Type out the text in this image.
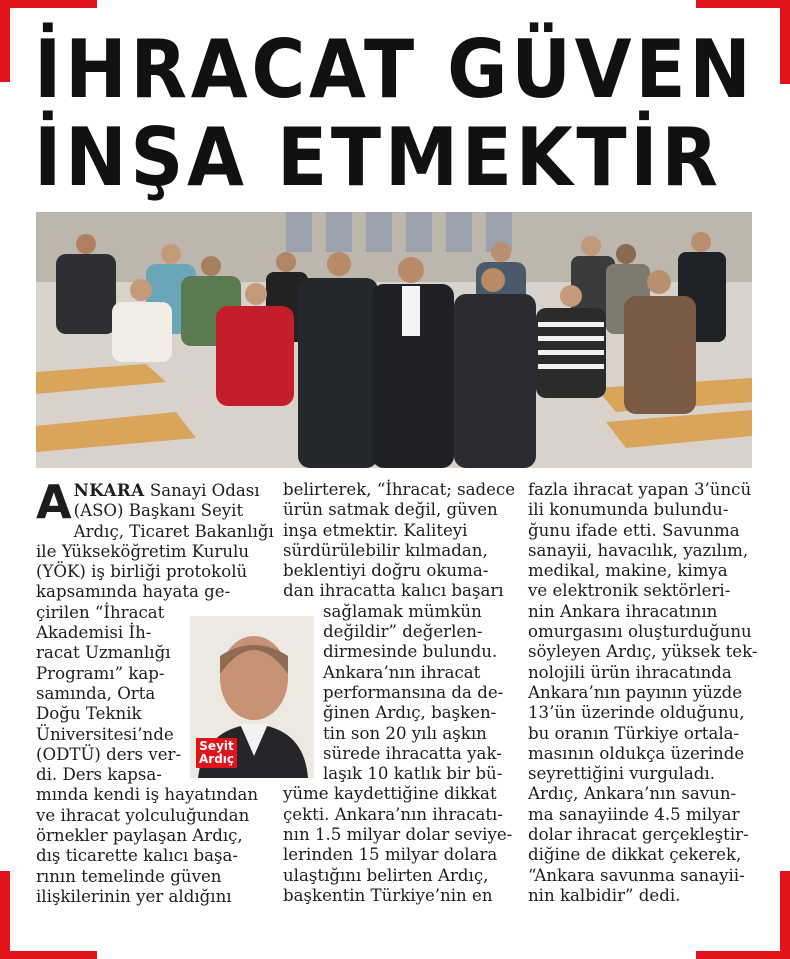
İHRACAT GÜVEN
İNŞA ETMEKTİR
A NKARA Sanayi Odası
(ASO) Başkanı Seyit
Ardıç, Ticaret Bakanlığı
ile Yükseköğretim Kurulu
(YÖK) iş birliği protokolü
kapsamında hayata ge-
çirilen “İhracat
Akademisi İh-
racat Uzmanlığı
Programı” kap-
samında, Orta
Doğu Teknik
Üniversitesi’nde
(ODTÜ) ders ver-
di. Ders kapsa-
mında kendi iş hayatından
ve ihracat yolculuğundan
örnekler paylaşan Ardıç,
dış ticarette kalıcı başa-
rının temelinde güven
ilişkilerinin yer aldığını
Seyit
Ardıç
belirterek, “İhracat; sadece
ürün satmak değil, güven
inşa etmektir. Kaliteyi
sürdürülebilir kılmadan,
beklentiyi doğru okuma-
dan ihracatta kalıcı başarı
sağlamak mümkün
değildir” değerlen-
dirmesinde bulundu.
Ankara’nın ihracat
performansına da de-
ğinen Ardıç, başken-
tin son 20 yılı aşkın
sürede ihracatta yak-
laşık 10 katlık bir bü-
yüme kaydettiğine dikkat
çekti. Ankara’nın ihracatı-
nın 1.5 milyar dolar seviye-
lerinden 15 milyar dolara
ulaştığını belirten Ardıç,
başkentin Türkiye’nin en
fazla ihracat yapan 3’üncü
ili konumunda bulundu-
ğunu ifade etti. Savunma
sanayii, havacılık, yazılım,
medikal, makine, kimya
ve elektronik sektörleri-
nin Ankara ihracatının
omurgasını oluşturduğunu
söyleyen Ardıç, yüksek tek-
nolojili ürün ihracatında
Ankara’nın payının yüzde
13’ün üzerinde olduğunu,
bu oranın Türkiye ortala-
masının oldukça üzerinde
seyrettiğini vurguladı.
Ardıç, Ankara’nın savun-
ma sanayiinde 4.5 milyar
dolar ihracat gerçekleştir-
diğine de dikkat çekerek,
“Ankara savunma sanayii-
nin kalbidir” dedi.
